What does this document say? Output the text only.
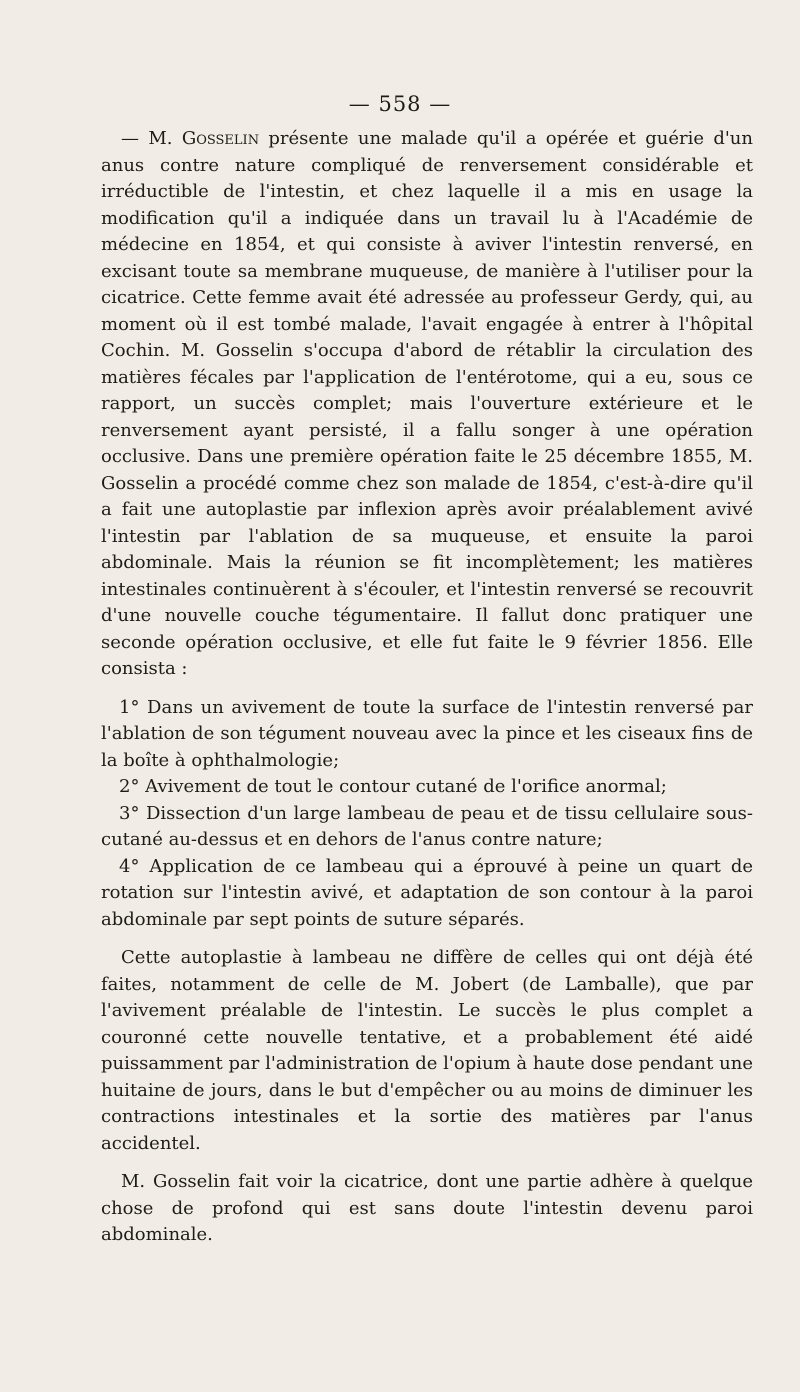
— 558 —

— M. Gosselin présente une malade qu'il a opérée et guérie d'un anus contre nature compliqué de renversement considérable et irréductible de l'intestin, et chez laquelle il a mis en usage la modification qu'il a indiquée dans un travail lu à l'Académie de médecine en 1854, et qui consiste à aviver l'intestin renversé, en excisant toute sa membrane muqueuse, de manière à l'utiliser pour la cicatrice. Cette femme avait été adressée au professeur Gerdy, qui, au moment où il est tombé malade, l'avait engagée à entrer à l'hôpital Cochin. M. Gosselin s'occupa d'abord de rétablir la circulation des matières fécales par l'application de l'entérotome, qui a eu, sous ce rapport, un succès complet; mais l'ouverture extérieure et le renversement ayant persisté, il a fallu songer à une opération occlusive. Dans une première opération faite le 25 décembre 1855, M. Gosselin a procédé comme chez son malade de 1854, c'est-à-dire qu'il a fait une autoplastie par inflexion après avoir préalablement avivé l'intestin par l'ablation de sa muqueuse, et ensuite la paroi abdominale. Mais la réunion se fit incomplètement; les matières intestinales continuèrent à s'écouler, et l'intestin renversé se recouvrit d'une nouvelle couche tégumentaire. Il fallut donc pratiquer une seconde opération occlusive, et elle fut faite le 9 février 1856. Elle consista :

1° Dans un avivement de toute la surface de l'intestin renversé par l'ablation de son tégument nouveau avec la pince et les ciseaux fins de la boîte à ophthalmologie;

2° Avivement de tout le contour cutané de l'orifice anormal;

3° Dissection d'un large lambeau de peau et de tissu cellulaire sous-cutané au-dessus et en dehors de l'anus contre nature;

4° Application de ce lambeau qui a éprouvé à peine un quart de rotation sur l'intestin avivé, et adaptation de son contour à la paroi abdominale par sept points de suture séparés.

Cette autoplastie à lambeau ne diffère de celles qui ont déjà été faites, notamment de celle de M. Jobert (de Lamballe), que par l'avivement préalable de l'intestin. Le succès le plus complet a couronné cette nouvelle tentative, et a probablement été aidé puissamment par l'administration de l'opium à haute dose pendant une huitaine de jours, dans le but d'empêcher ou au moins de diminuer les contractions intestinales et la sortie des matières par l'anus accidentel.

M. Gosselin fait voir la cicatrice, dont une partie adhère à quelque chose de profond qui est sans doute l'intestin devenu paroi abdominale.
